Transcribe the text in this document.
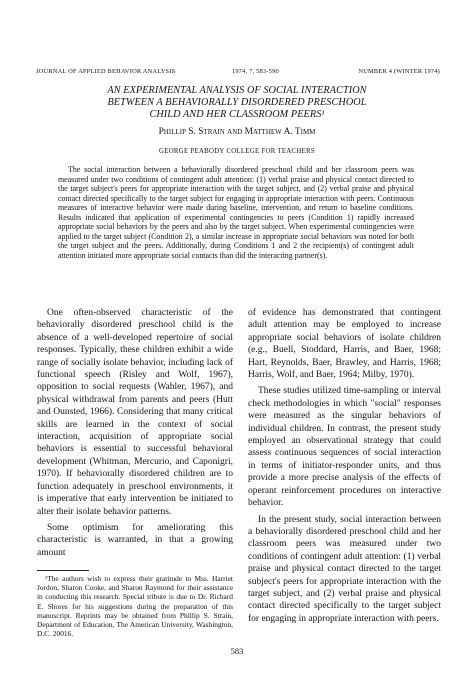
JOURNAL OF APPLIED BEHAVIOR ANALYSIS	1974, 7, 583-590	NUMBER 4 (WINTER 1974)
AN EXPERIMENTAL ANALYSIS OF SOCIAL INTERACTION
BETWEEN A BEHAVIORALLY DISORDERED PRESCHOOL
CHILD AND HER CLASSROOM PEERS¹
Phillip S. Strain and Matthew A. Timm
GEORGE PEABODY COLLEGE FOR TEACHERS

The social interaction between a behaviorally disordered preschool child and her classroom peers was measured under two conditions of contingent adult attention: (1) verbal praise and physical contact directed to the target subject's peers for appropriate interaction with the target subject, and (2) verbal praise and physical contact directed specifically to the target subject for engaging in appropriate interaction with peers. Continuous measures of interactive behavior were made during baseline, intervention, and return to baseline conditions. Results indicated that application of experimental contingencies to peers (Condition 1) rapidly increased appropriate social behaviors by the peers and also by the target subject. When experimental contingencies were applied to the target subject (Condition 2), a similar increase in appropriate social behaviors was noted for both the target subject and the peers. Additionally, during Conditions 1 and 2 the recipient(s) of contingent adult attention initiated more appropriate social contacts than did the interacting partner(s).

One often-observed characteristic of the behaviorally disordered preschool child is the absence of a well-developed repertoire of social responses. Typically, these children exhibit a wide range of socially isolate behavior, including lack of functional speech (Risley and Wolf, 1967), opposition to social requests (Wahler, 1967), and physical withdrawal from parents and peers (Hutt and Ounsted, 1966). Considering that many critical skills are learned in the context of social interaction, acquisition of appropriate social behaviors is essential to successful behavioral development (Whitman, Mercurio, and Caponigri, 1970). If behaviorally disordered children are to function adequately in preschool environments, it is imperative that early intervention be initiated to alter their isolate behavior patterns.

Some optimism for ameliorating this characteristic is warranted, in that a growing amount

of evidence has demonstrated that contingent adult attention may be employed to increase appropriate social behaviors of isolate children (e.g., Buell, Stoddard, Harris, and Baer, 1968; Hart, Reynolds, Baer, Brawley, and Harris, 1968; Harris, Wolf, and Baer, 1964; Milby, 1970).

These studies utilized time-sampling or interval check methodologies in which "social" responses were measured as the singular behaviors of individual children. In contrast, the present study employed an observational strategy that could assess continuous sequences of social interaction in terms of initiator-responder units, and thus provide a more precise analysis of the effects of operant reinforcement procedures on interactive behavior.

In the present study, social interaction between a behaviorally disordered preschool child and her classroom peers was measured under two conditions of contingent adult attention: (1) verbal praise and physical contact directed to the target subject's peers for appropriate interaction with the target subject, and (2) verbal praise and physical contact directed specifically to the target subject for engaging in appropriate interaction with peers.

¹The authors wish to express their gratitude to Mss. Harriet Jordon, Sharon Cooke, and Sharon Raymond for their assistance in conducting this research. Special tribute is due to Dr. Richard E. Shores for his suggestions during the preparation of this manuscript. Reprints may be obtained from Phillip S. Strain, Department of Education, The American University, Washington, D.C. 20016.

583
